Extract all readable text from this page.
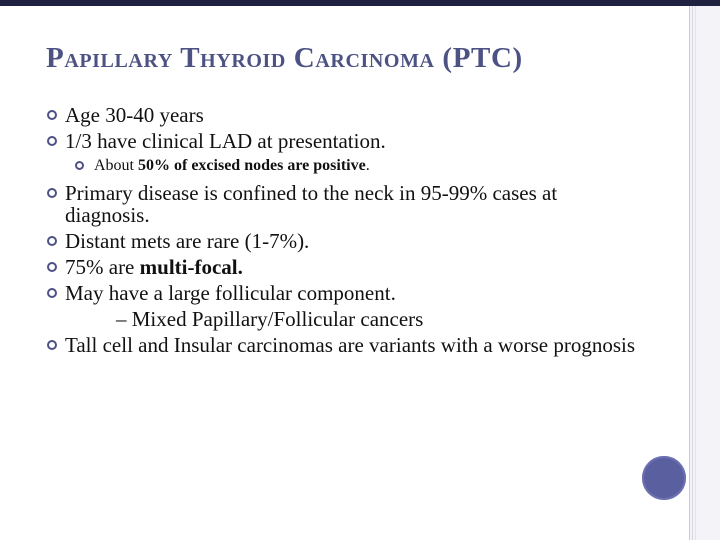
Papillary Thyroid Carcinoma (PTC)
Age 30-40 years
1/3 have clinical LAD at presentation.
About 50% of excised nodes are positive.
Primary disease is confined to the neck in 95-99% cases at diagnosis.
Distant mets are rare (1-7%).
75% are multi-focal.
May have a large follicular component.
– Mixed Papillary/Follicular cancers
Tall cell and Insular carcinomas are variants with a worse prognosis
